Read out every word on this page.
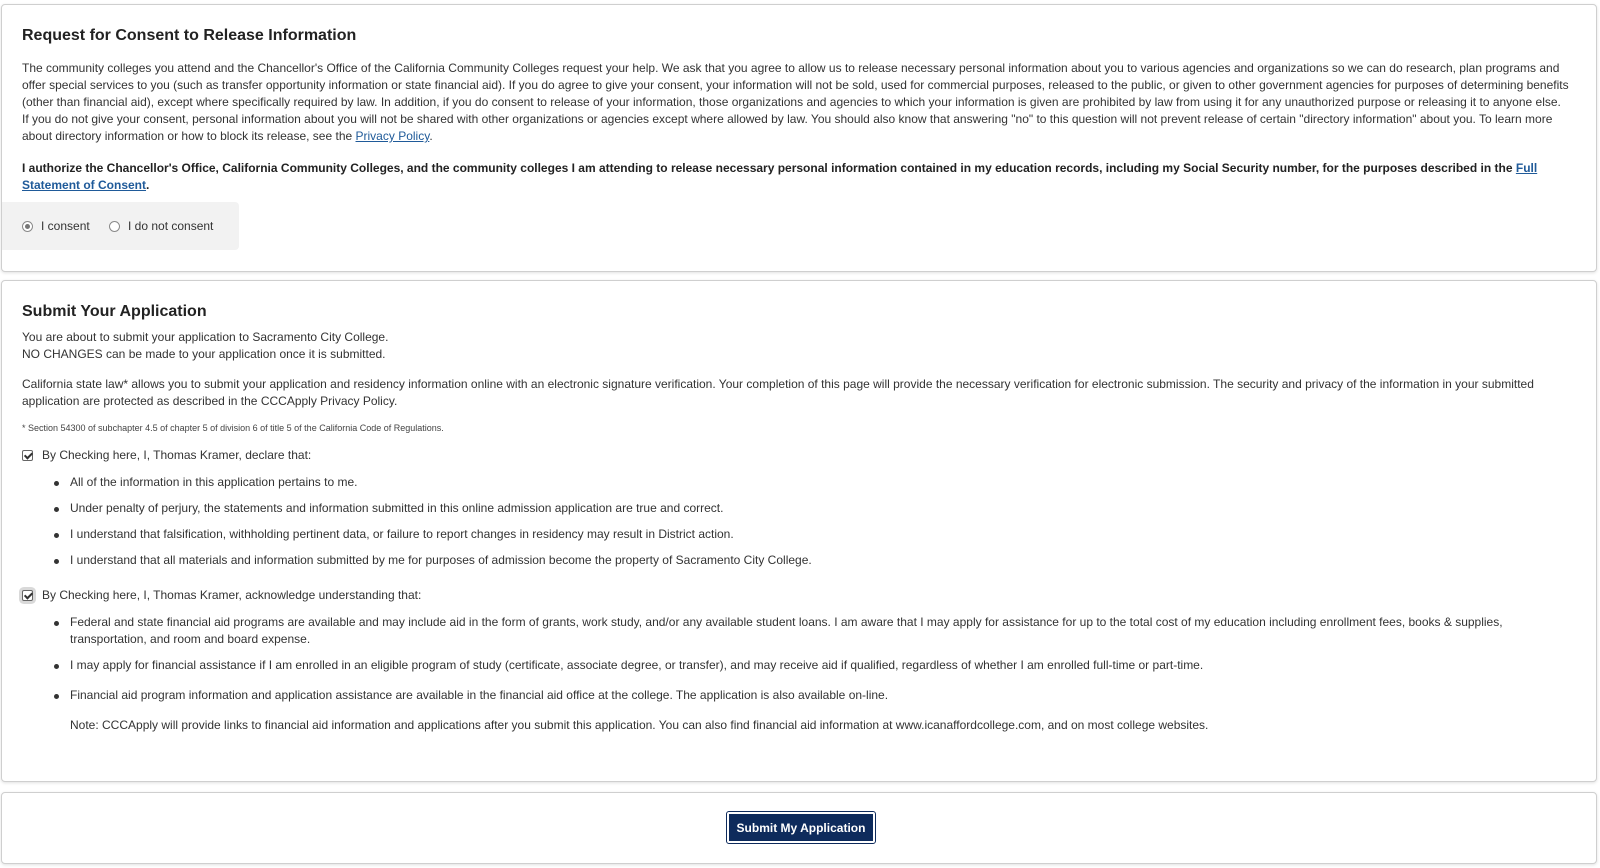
Request for Consent to Release Information

The community colleges you attend and the Chancellor's Office of the California Community Colleges request your help. We ask that you agree to allow us to release necessary personal information about you to various agencies and organizations so we can do research, plan programs and offer special services to you (such as transfer opportunity information or state financial aid). If you do agree to give your consent, your information will not be sold, used for commercial purposes, released to the public, or given to other government agencies for purposes of determining benefits (other than financial aid), except where specifically required by law. In addition, if you do consent to release of your information, those organizations and agencies to which your information is given are prohibited by law from using it for any unauthorized purpose or releasing it to anyone else. If you do not give your consent, personal information about you will not be shared with other organizations or agencies except where allowed by law. You should also know that answering "no" to this question will not prevent release of certain "directory information" about you. To learn more about directory information or how to block its release, see the Privacy Policy.

I authorize the Chancellor's Office, California Community Colleges, and the community colleges I am attending to release necessary personal information contained in my education records, including my Social Security number, for the purposes described in the Full Statement of Consent.

I consent	I do not consent
Submit Your Application

You are about to submit your application to Sacramento City College.

NO CHANGES can be made to your application once it is submitted.

California state law* allows you to submit your application and residency information online with an electronic signature verification. Your completion of this page will provide the necessary verification for electronic submission. The security and privacy of the information in your submitted application are protected as described in the CCCApply Privacy Policy.

* Section 54300 of subchapter 4.5 of chapter 5 of division 6 of title 5 of the California Code of Regulations.
By Checking here, I, Thomas Kramer, declare that:
All of the information in this application pertains to me.
Under penalty of perjury, the statements and information submitted in this online admission application are true and correct.
I understand that falsification, withholding pertinent data, or failure to report changes in residency may result in District action.
I understand that all materials and information submitted by me for purposes of admission become the property of Sacramento City College.
By Checking here, I, Thomas Kramer, acknowledge understanding that:
Federal and state financial aid programs are available and may include aid in the form of grants, work study, and/or any available student loans. I am aware that I may apply for assistance for up to the total cost of my education including enrollment fees, books & supplies, transportation, and room and board expense.
I may apply for financial assistance if I am enrolled in an eligible program of study (certificate, associate degree, or transfer), and may receive aid if qualified, regardless of whether I am enrolled full-time or part-time.
Financial aid program information and application assistance are available in the financial aid office at the college. The application is also available on-line.
Note: CCCApply will provide links to financial aid information and applications after you submit this application. You can also find financial aid information at www.icanaffordcollege.com, and on most college websites.
Submit My Application
